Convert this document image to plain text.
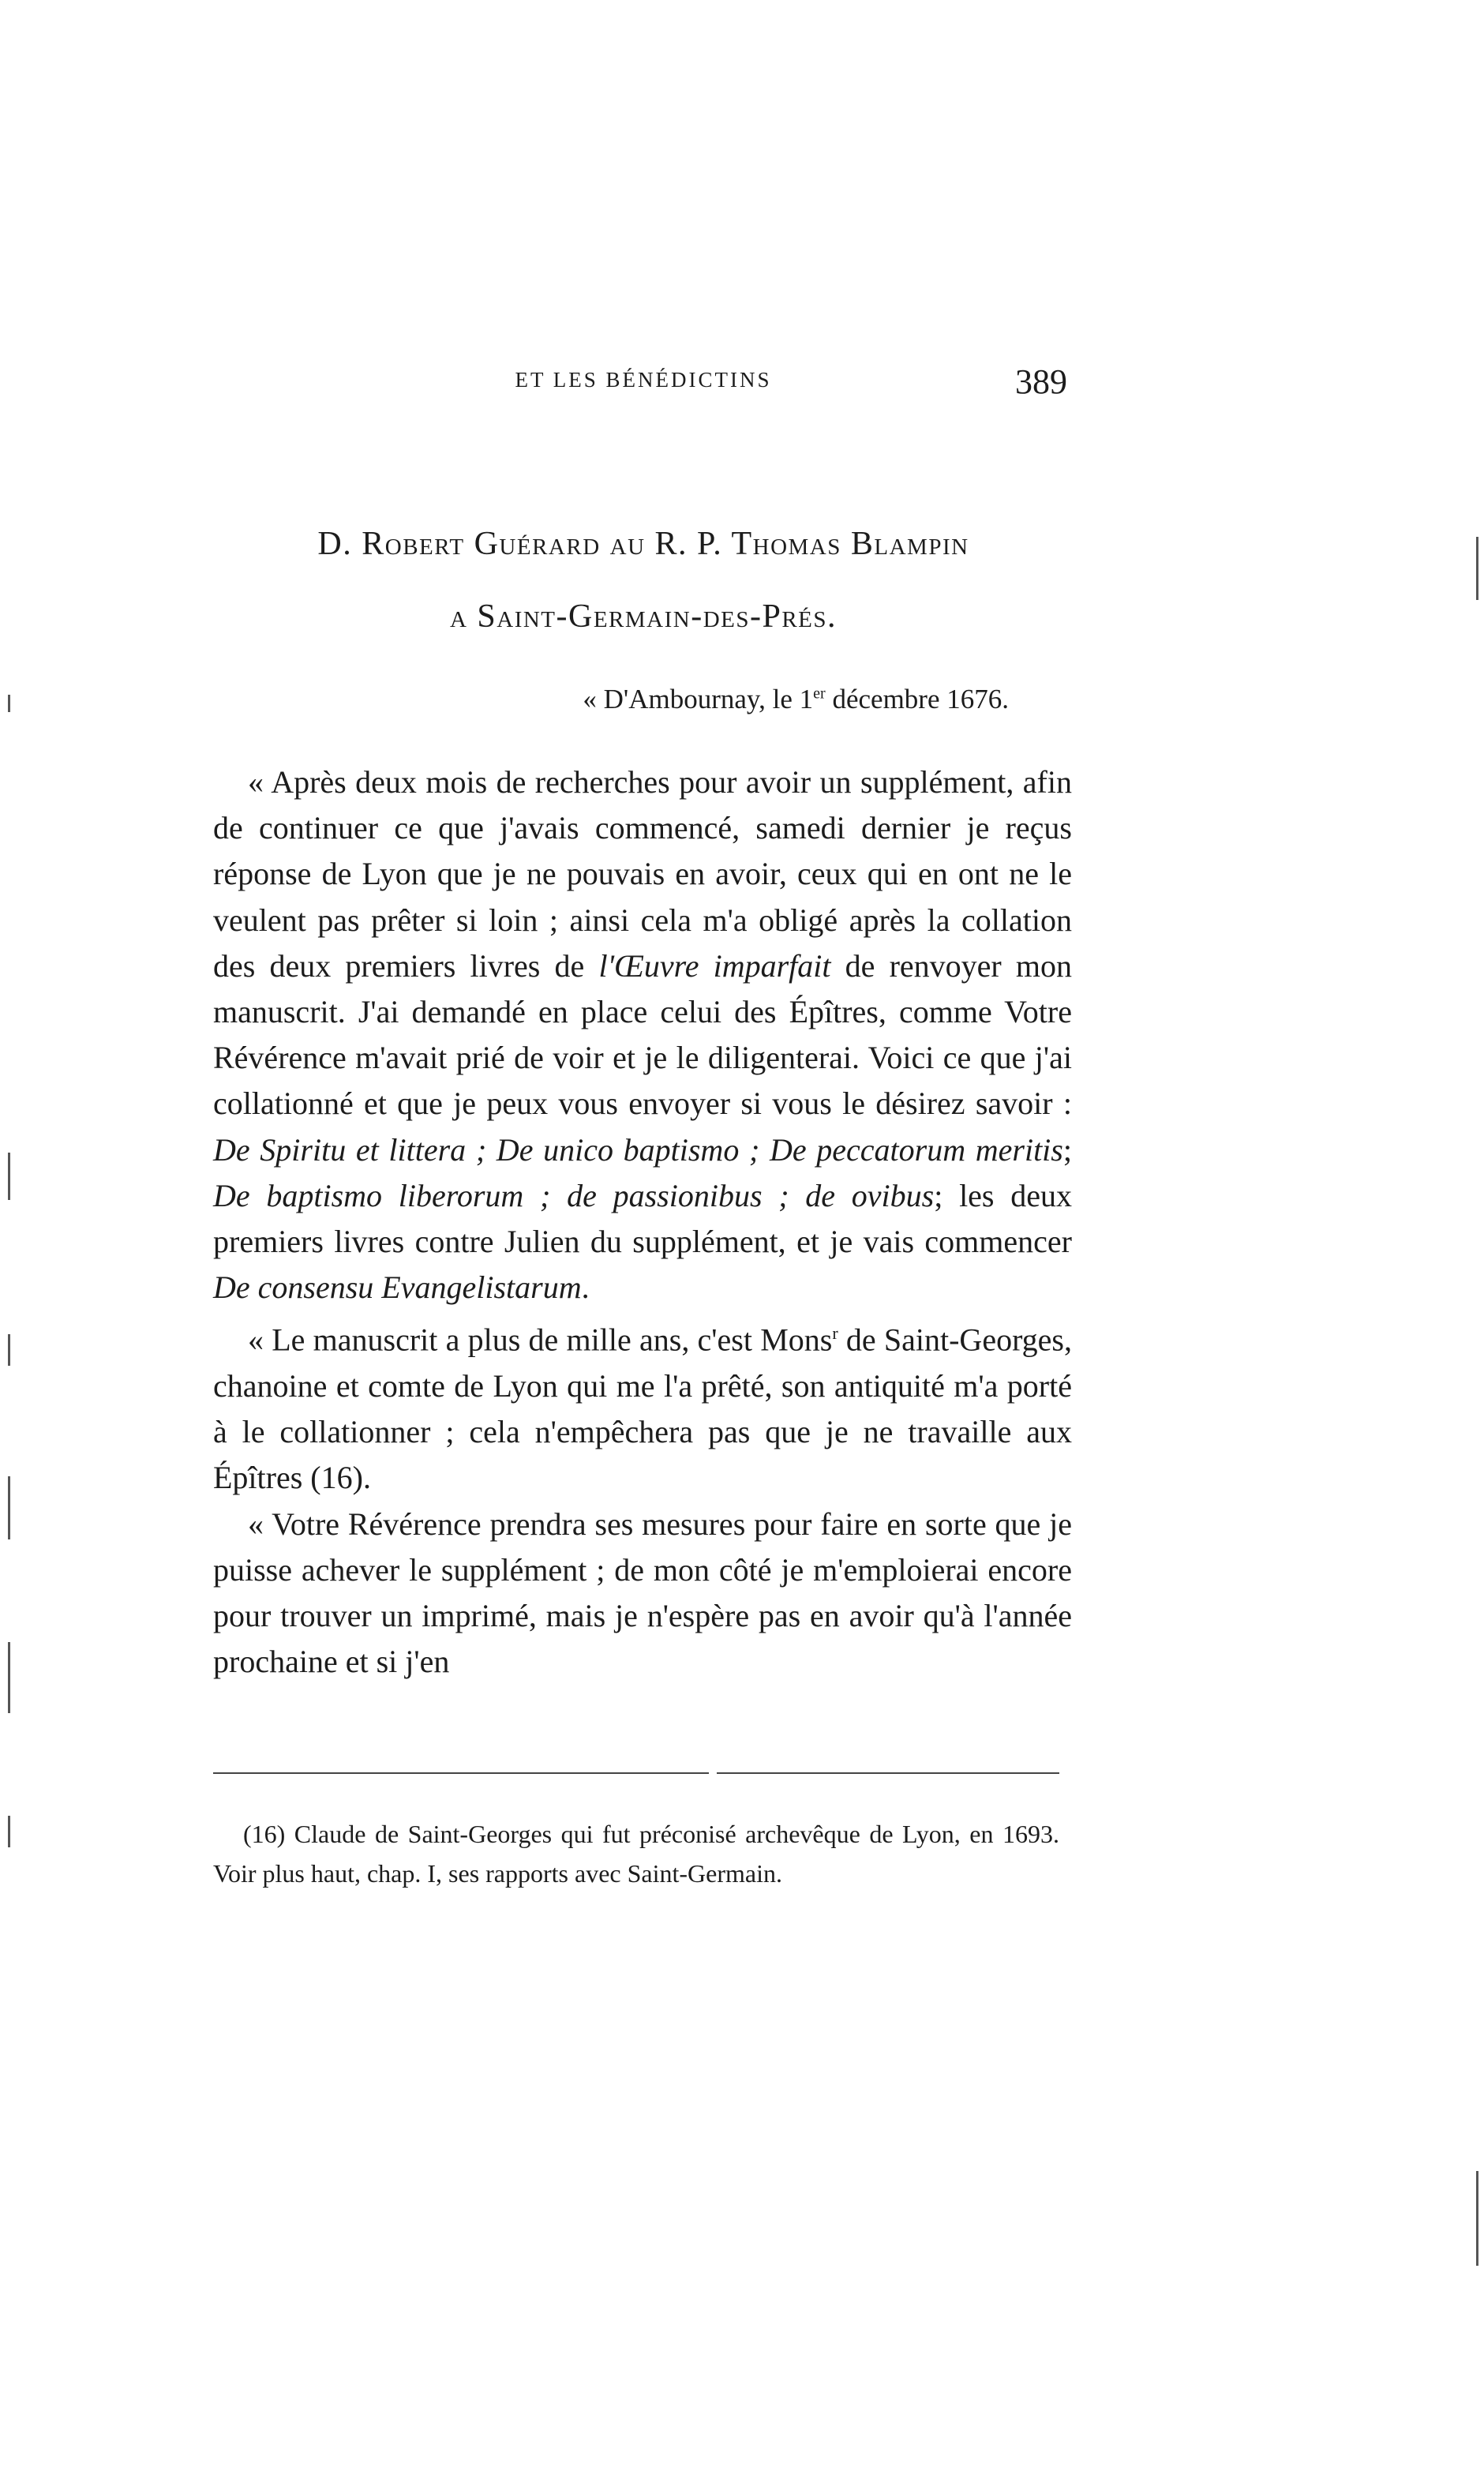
ET LES BÉNÉDICTINS	389
D. Robert Guérard au R. P. Thomas Blampin
a Saint-Germain-des-Prés.
« D'Ambournay, le 1er décembre 1676.

« Après deux mois de recherches pour avoir un supplément, afin de continuer ce que j'avais commencé, samedi dernier je reçus réponse de Lyon que je ne pouvais en avoir, ceux qui en ont ne le veulent pas prêter si loin ; ainsi cela m'a obligé après la collation des deux premiers livres de l'Œuvre imparfait de renvoyer mon manuscrit. J'ai demandé en place celui des Épîtres, comme Votre Révérence m'avait prié de voir et je le diligenterai. Voici ce que j'ai collationné et que je peux vous envoyer si vous le désirez savoir : De Spiritu et littera ; De unico baptismo ; De peccatorum meritis; De baptismo liberorum ; de passionibus ; de ovibus; les deux premiers livres contre Julien du supplément, et je vais commencer De consensu Evangelistarum.

« Le manuscrit a plus de mille ans, c'est Mons$^r$ de Saint-Georges, chanoine et comte de Lyon qui me l'a prêté, son antiquité m'a porté à le collationner ; cela n'empêchera pas que je ne travaille aux Épîtres (16).

« Votre Révérence prendra ses mesures pour faire en sorte que je puisse achever le supplément ; de mon côté je m'emploierai encore pour trouver un imprimé, mais je n'espère pas en avoir qu'à l'année prochaine et si j'en

(16) Claude de Saint-Georges qui fut préconisé archevêque de Lyon, en 1693. Voir plus haut, chap. I, ses rapports avec Saint-Germain.
